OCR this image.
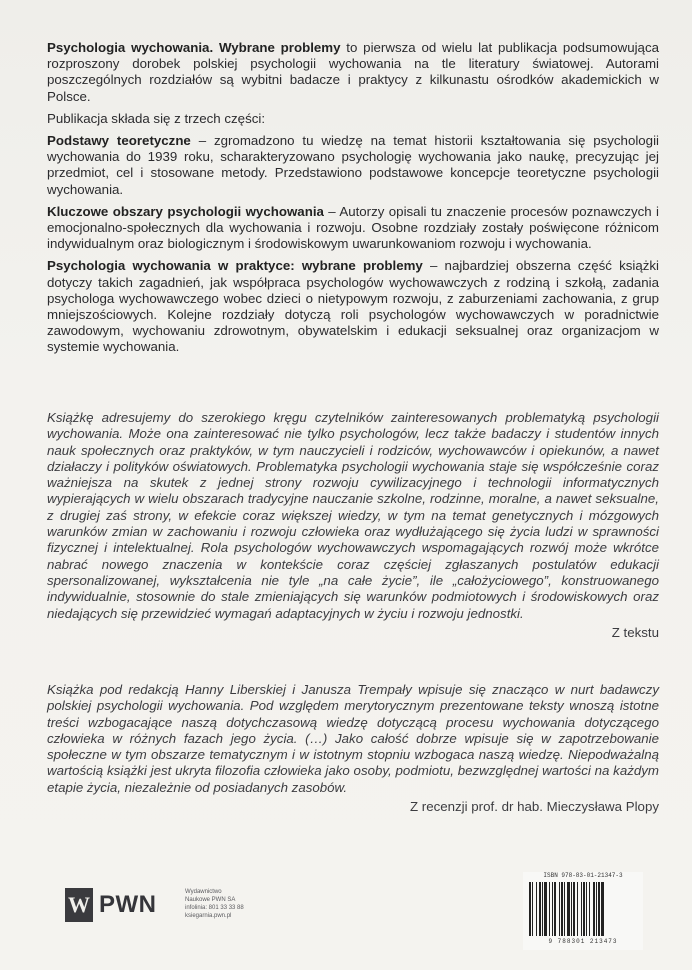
Psychologia wychowania. Wybrane problemy to pierwsza od wielu lat publikacja podsumowująca rozproszony dorobek polskiej psychologii wychowania na tle literatury światowej. Autorami poszczególnych rozdziałów są wybitni badacze i praktycy z kilkunastu ośrodków akademickich w Polsce.

Publikacja składa się z trzech części:

Podstawy teoretyczne – zgromadzono tu wiedzę na temat historii kształtowania się psychologii wychowania do 1939 roku, scharakteryzowano psychologię wychowania jako naukę, precyzując jej przedmiot, cel i stosowane metody. Przedstawiono podstawowe koncepcje teoretyczne psychologii wychowania.

Kluczowe obszary psychologii wychowania – Autorzy opisali tu znaczenie procesów poznawczych i emocjonalno-społecznych dla wychowania i rozwoju. Osobne rozdziały zostały poświęcone różnicom indywidualnym oraz biologicznym i środowiskowym uwarunkowaniom rozwoju i wychowania.

Psychologia wychowania w praktyce: wybrane problemy – najbardziej obszerna część książki dotyczy takich zagadnień, jak współpraca psychologów wychowawczych z rodziną i szkołą, zadania psychologa wychowawczego wobec dzieci o nietypowym rozwoju, z zaburzeniami zachowania, z grup mniejszościowych. Kolejne rozdziały dotyczą roli psychologów wychowawczych w poradnictwie zawodowym, wychowaniu zdrowotnym, obywatelskim i edukacji seksualnej oraz organizacjom w systemie wychowania.

Książkę adresujemy do szerokiego kręgu czytelników zainteresowanych problematyką psychologii wychowania. Może ona zainteresować nie tylko psychologów, lecz także badaczy i studentów innych nauk społecznych oraz praktyków, w tym nauczycieli i rodziców, wychowawców i opiekunów, a nawet działaczy i polityków oświatowych. Problematyka psychologii wychowania staje się współcześnie coraz ważniejsza na skutek z jednej strony rozwoju cywilizacyjnego i technologii informatycznych wypierających w wielu obszarach tradycyjne nauczanie szkolne, rodzinne, moralne, a nawet seksualne, z drugiej zaś strony, w efekcie coraz większej wiedzy, w tym na temat genetycznych i mózgowych warunków zmian w zachowaniu i rozwoju człowieka oraz wydłużającego się życia ludzi w sprawności fizycznej i intelektualnej. Rola psychologów wychowawczych wspomagających rozwój może wkrótce nabrać nowego znaczenia w kontekście coraz częściej zgłaszanych postulatów edukacji spersonalizowanej, wykształcenia nie tyle „na całe życie”, ile „całożyciowego”, konstruowanego indywidualnie, stosownie do stale zmieniających się warunków podmiotowych i środowiskowych oraz niedających się przewidzieć wymagań adaptacyjnych w życiu i rozwoju jednostki.

Z tekstu

Książka pod redakcją Hanny Liberskiej i Janusza Trempały wpisuje się znacząco w nurt badawczy polskiej psychologii wychowania. Pod względem merytorycznym prezentowane teksty wnoszą istotne treści wzbogacające naszą dotychczasową wiedzę dotyczącą procesu wychowania dotyczącego człowieka w różnych fazach jego życia. (…) Jako całość dobrze wpisuje się w zapotrzebowanie społeczne w tym obszarze tematycznym i w istotnym stopniu wzbogaca naszą wiedzę. Niepodważalną wartością książki jest ukryta filozofia człowieka jako osoby, podmiotu, bezwzględnej wartości na każdym etapie życia, niezależnie od posiadanych zasobów.

Z recenzji prof. dr hab. Mieczysława Plopy
W PWN	Wydawnictwo
Naukowe PWN SA
infolinia: 801 33 33 88
ksiegarnia.pwn.pl
ISBN 978-83-01-21347-3
9 788301 213473
